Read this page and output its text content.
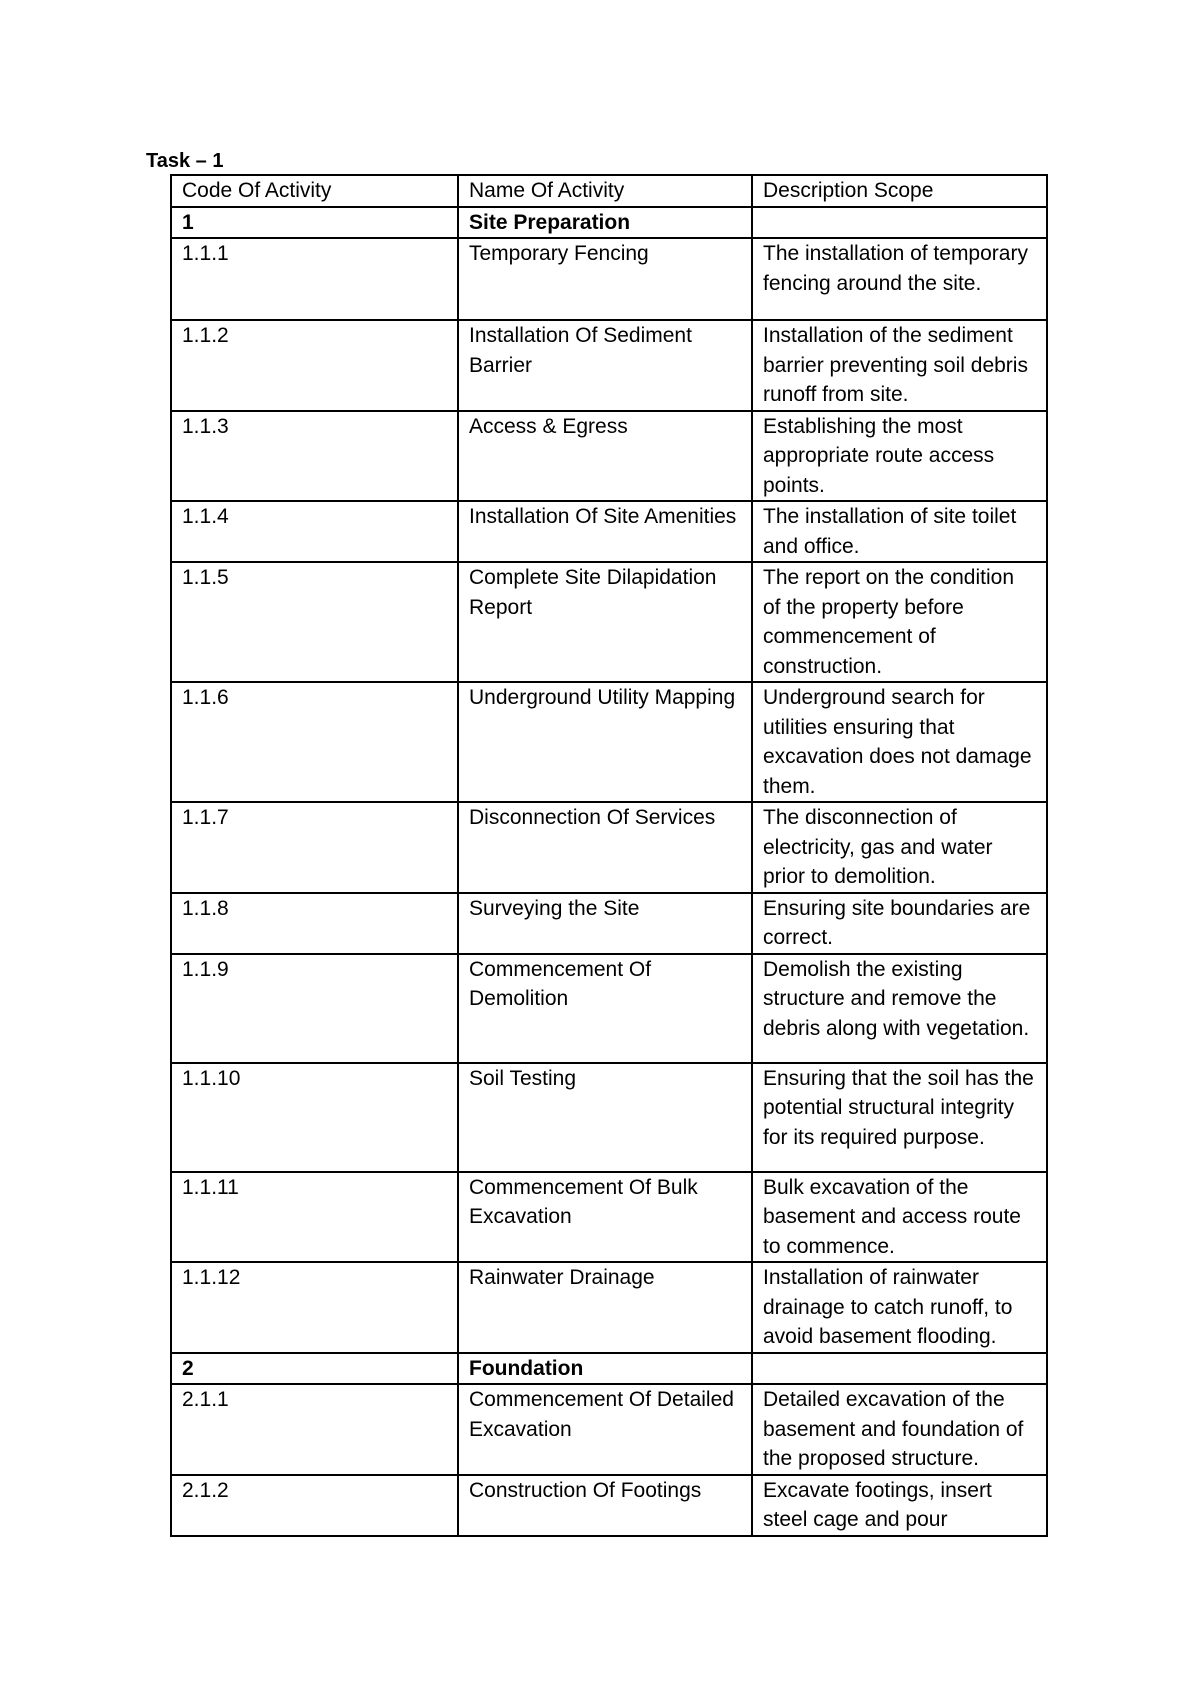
Task – 1
Code Of Activity	Name Of Activity	Description Scope
1	Site Preparation	
1.1.1	Temporary Fencing	The installation of temporary fencing around the site.
1.1.2	Installation Of Sediment Barrier	Installation of the sediment barrier preventing soil debris runoff from site.
1.1.3	Access & Egress	Establishing the most appropriate route access points.
1.1.4	Installation Of Site Amenities	The installation of site toilet and office.
1.1.5	Complete Site Dilapidation Report	The report on the condition of the property before commencement of construction.
1.1.6	Underground Utility Mapping	Underground search for utilities ensuring that excavation does not damage them.
1.1.7	Disconnection Of Services	The disconnection of electricity, gas and water prior to demolition.
1.1.8	Surveying the Site	Ensuring site boundaries are correct.
1.1.9	Commencement Of Demolition	Demolish the existing structure and remove the debris along with vegetation.
1.1.10	Soil Testing	Ensuring that the soil has the potential structural integrity for its required purpose.
1.1.11	Commencement Of Bulk Excavation	Bulk excavation of the basement and access route to commence.
1.1.12	Rainwater Drainage	Installation of rainwater drainage to catch runoff, to avoid basement flooding.
2	Foundation	
2.1.1	Commencement Of Detailed Excavation	Detailed excavation of the basement and foundation of the proposed structure.
2.1.2	Construction Of Footings	Excavate footings, insert steel cage and pour
